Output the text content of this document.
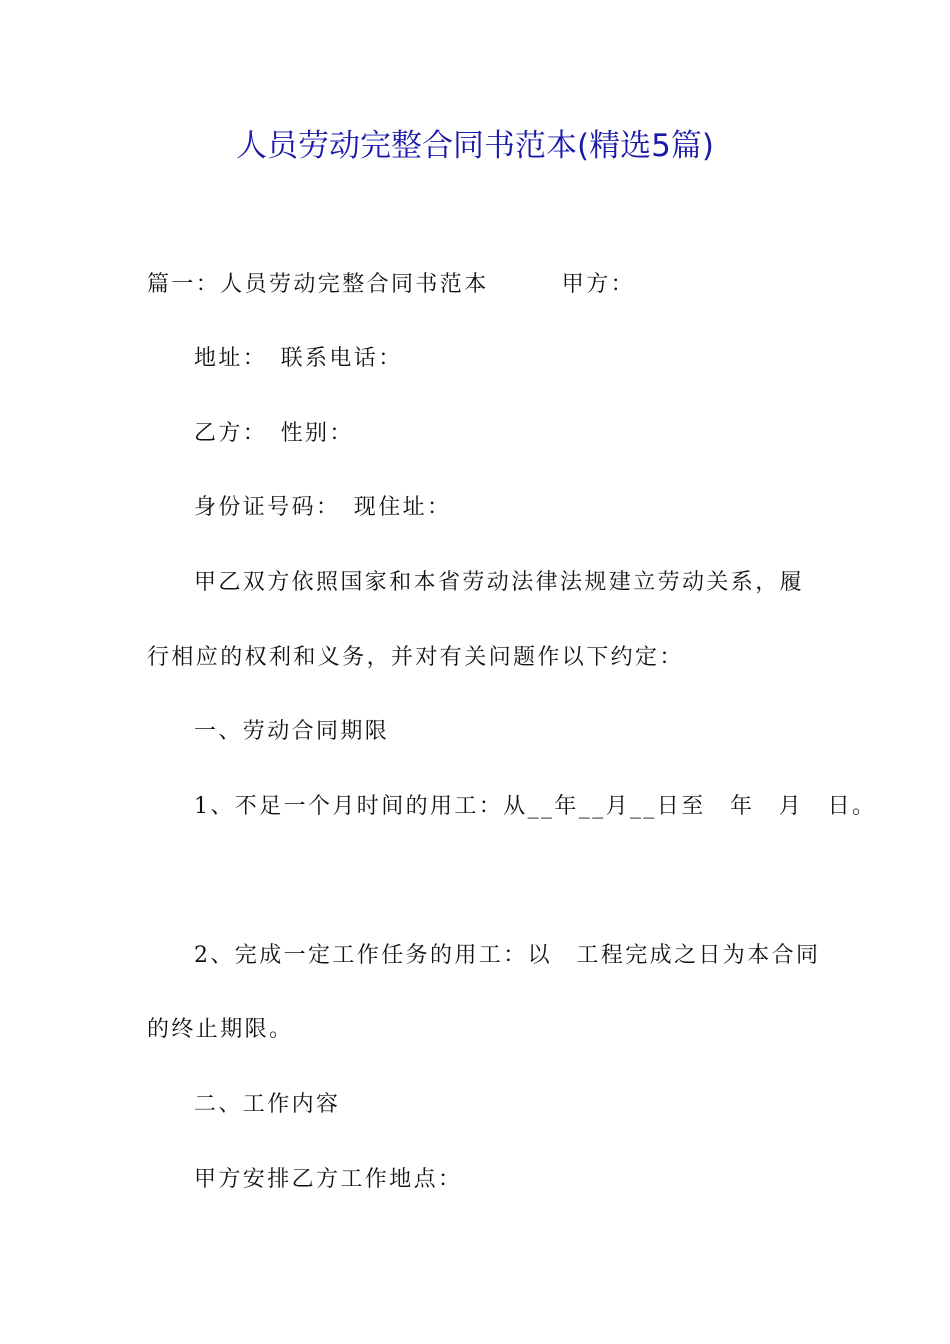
人员劳动完整合同书范本(精选5篇)
篇一：人员劳动完整合同书范本　　　甲方：
地址：　联系电话：
乙方：　性别：
身份证号码：　现住址：
甲乙双方依照国家和本省劳动法律法规建立劳动关系，履
行相应的权利和义务，并对有关问题作以下约定：
一、劳动合同期限
1、不足一个月时间的用工：从__年__月__日至　年　月　日。
2、完成一定工作任务的用工：以　工程完成之日为本合同
的终止期限。
二、工作内容
甲方安排乙方工作地点：
